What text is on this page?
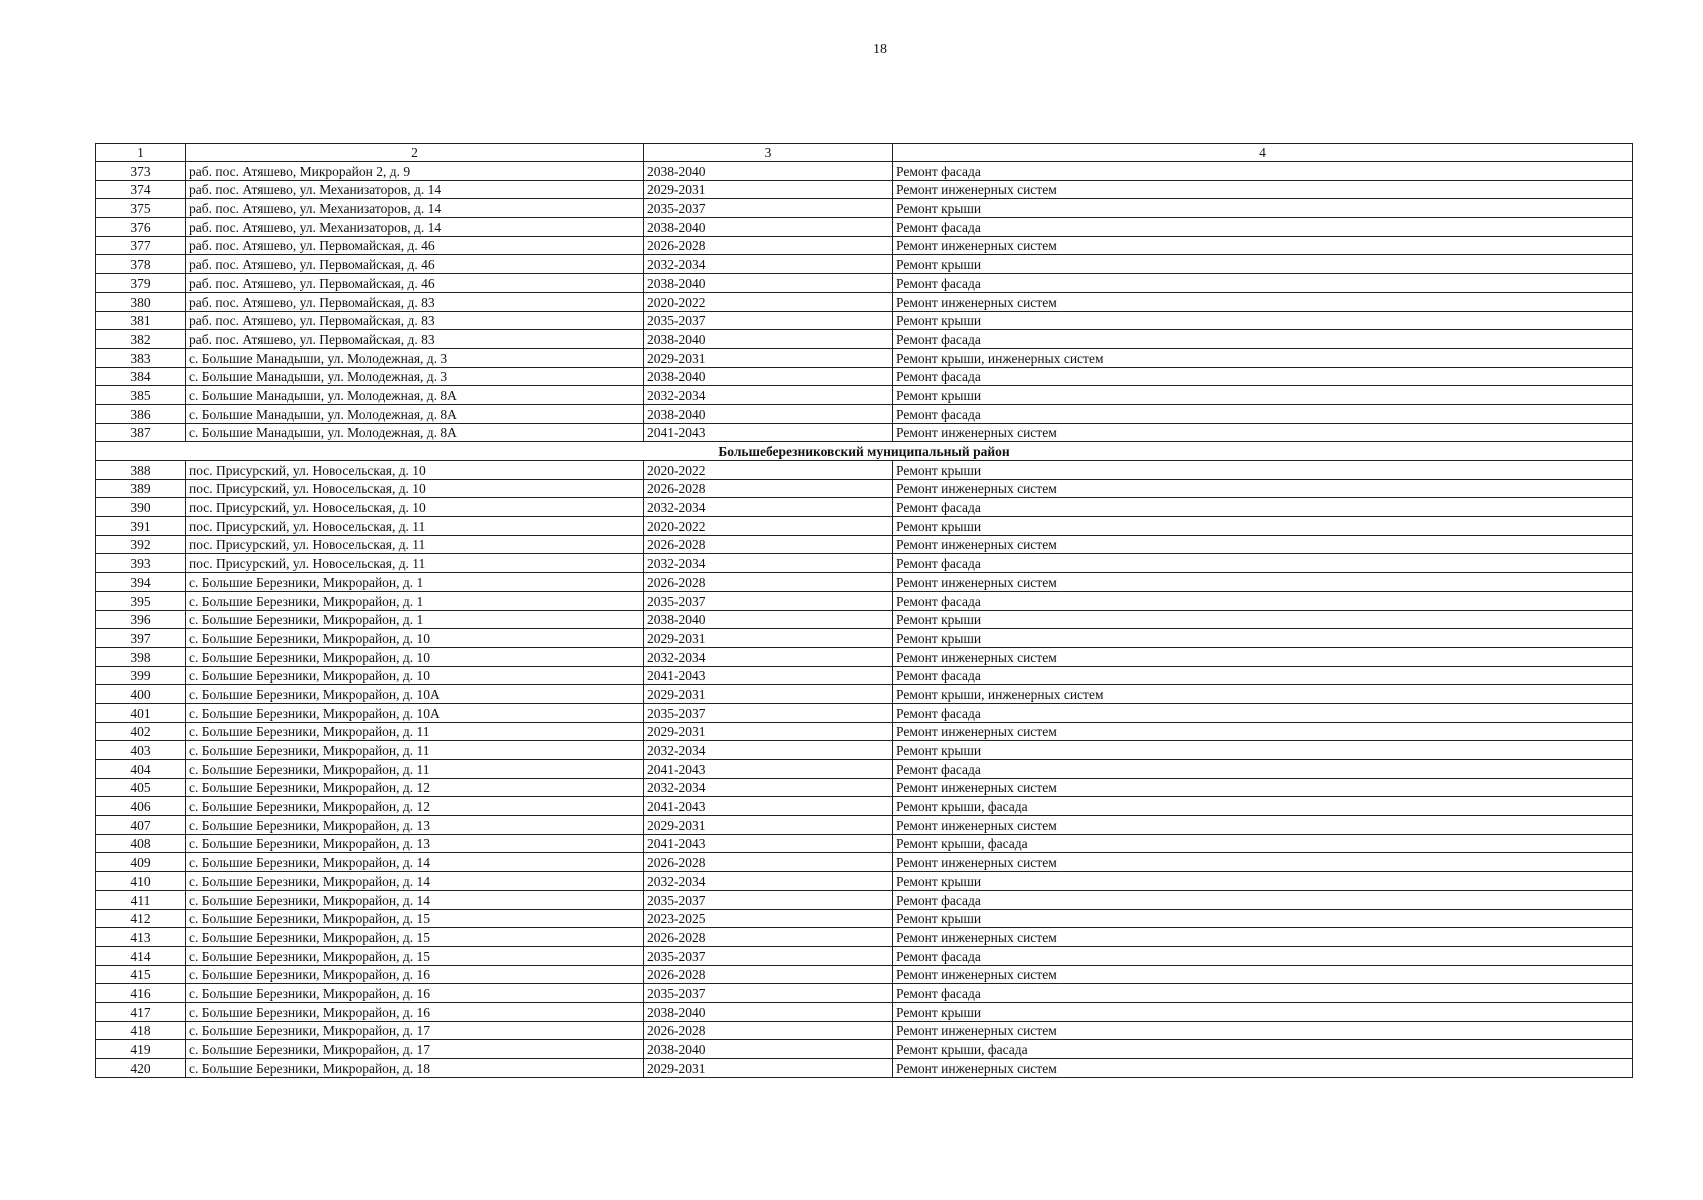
18
1	2	3	4
373	раб. пос. Атяшево, Микрорайон 2, д. 9	2038-2040	Ремонт фасада
374	раб. пос. Атяшево, ул. Механизаторов, д. 14	2029-2031	Ремонт инженерных систем
375	раб. пос. Атяшево, ул. Механизаторов, д. 14	2035-2037	Ремонт крыши
376	раб. пос. Атяшево, ул. Механизаторов, д. 14	2038-2040	Ремонт фасада
377	раб. пос. Атяшево, ул. Первомайская, д. 46	2026-2028	Ремонт инженерных систем
378	раб. пос. Атяшево, ул. Первомайская, д. 46	2032-2034	Ремонт крыши
379	раб. пос. Атяшево, ул. Первомайская, д. 46	2038-2040	Ремонт фасада
380	раб. пос. Атяшево, ул. Первомайская, д. 83	2020-2022	Ремонт инженерных систем
381	раб. пос. Атяшево, ул. Первомайская, д. 83	2035-2037	Ремонт крыши
382	раб. пос. Атяшево, ул. Первомайская, д. 83	2038-2040	Ремонт фасада
383	с. Большие Манадыши, ул. Молодежная, д. 3	2029-2031	Ремонт крыши, инженерных систем
384	с. Большие Манадыши, ул. Молодежная, д. 3	2038-2040	Ремонт фасада
385	с. Большие Манадыши, ул. Молодежная, д. 8А	2032-2034	Ремонт крыши
386	с. Большие Манадыши, ул. Молодежная, д. 8А	2038-2040	Ремонт фасада
387	с. Большие Манадыши, ул. Молодежная, д. 8А	2041-2043	Ремонт инженерных систем
Большеберезниковский муниципальный район			
388	пос. Присурский, ул. Новосельская, д. 10	2020-2022	Ремонт крыши
389	пос. Присурский, ул. Новосельская, д. 10	2026-2028	Ремонт инженерных систем
390	пос. Присурский, ул. Новосельская, д. 10	2032-2034	Ремонт фасада
391	пос. Присурский, ул. Новосельская, д. 11	2020-2022	Ремонт крыши
392	пос. Присурский, ул. Новосельская, д. 11	2026-2028	Ремонт инженерных систем
393	пос. Присурский, ул. Новосельская, д. 11	2032-2034	Ремонт фасада
394	с. Большие Березники, Микрорайон, д. 1	2026-2028	Ремонт инженерных систем
395	с. Большие Березники, Микрорайон, д. 1	2035-2037	Ремонт фасада
396	с. Большие Березники, Микрорайон, д. 1	2038-2040	Ремонт крыши
397	с. Большие Березники, Микрорайон, д. 10	2029-2031	Ремонт крыши
398	с. Большие Березники, Микрорайон, д. 10	2032-2034	Ремонт инженерных систем
399	с. Большие Березники, Микрорайон, д. 10	2041-2043	Ремонт фасада
400	с. Большие Березники, Микрорайон, д. 10А	2029-2031	Ремонт крыши, инженерных систем
401	с. Большие Березники, Микрорайон, д. 10А	2035-2037	Ремонт фасада
402	с. Большие Березники, Микрорайон, д. 11	2029-2031	Ремонт инженерных систем
403	с. Большие Березники, Микрорайон, д. 11	2032-2034	Ремонт крыши
404	с. Большие Березники, Микрорайон, д. 11	2041-2043	Ремонт фасада
405	с. Большие Березники, Микрорайон, д. 12	2032-2034	Ремонт инженерных систем
406	с. Большие Березники, Микрорайон, д. 12	2041-2043	Ремонт крыши, фасада
407	с. Большие Березники, Микрорайон, д. 13	2029-2031	Ремонт инженерных систем
408	с. Большие Березники, Микрорайон, д. 13	2041-2043	Ремонт крыши, фасада
409	с. Большие Березники, Микрорайон, д. 14	2026-2028	Ремонт инженерных систем
410	с. Большие Березники, Микрорайон, д. 14	2032-2034	Ремонт крыши
411	с. Большие Березники, Микрорайон, д. 14	2035-2037	Ремонт фасада
412	с. Большие Березники, Микрорайон, д. 15	2023-2025	Ремонт крыши
413	с. Большие Березники, Микрорайон, д. 15	2026-2028	Ремонт инженерных систем
414	с. Большие Березники, Микрорайон, д. 15	2035-2037	Ремонт фасада
415	с. Большие Березники, Микрорайон, д. 16	2026-2028	Ремонт инженерных систем
416	с. Большие Березники, Микрорайон, д. 16	2035-2037	Ремонт фасада
417	с. Большие Березники, Микрорайон, д. 16	2038-2040	Ремонт крыши
418	с. Большие Березники, Микрорайон, д. 17	2026-2028	Ремонт инженерных систем
419	с. Большие Березники, Микрорайон, д. 17	2038-2040	Ремонт крыши, фасада
420	с. Большие Березники, Микрорайон, д. 18	2029-2031	Ремонт инженерных систем
